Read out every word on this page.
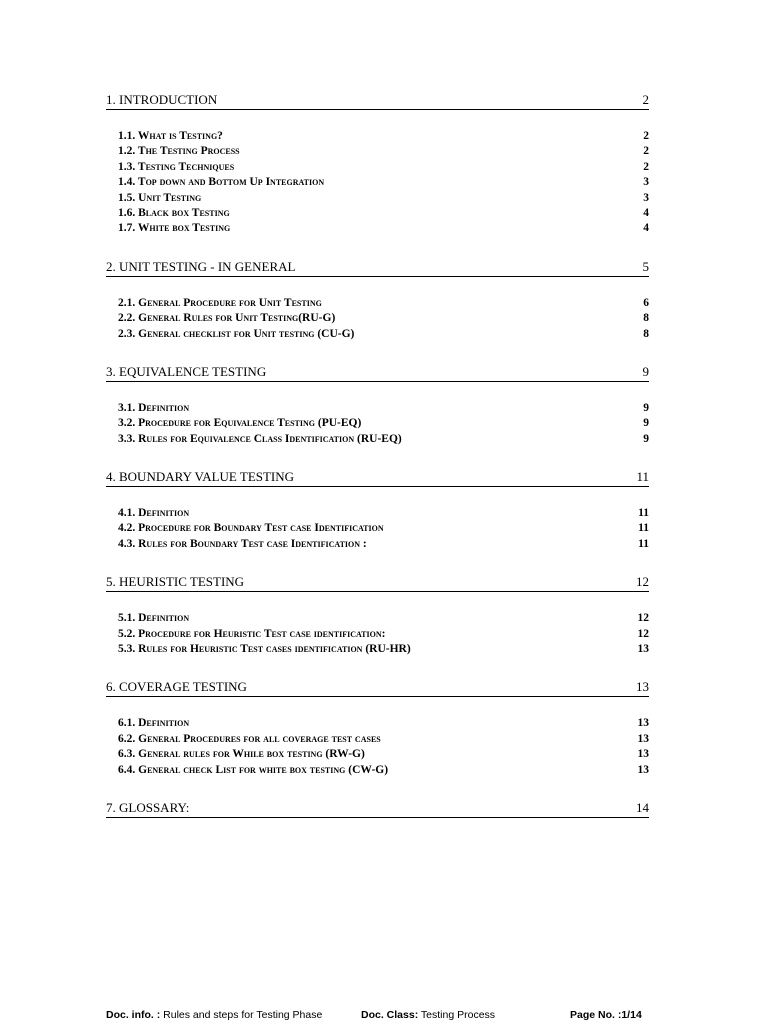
1. INTRODUCTION	2
1.1. What is Testing?	2
1.2. The Testing Process	2
1.3. Testing Techniques	2
1.4. Top down and Bottom Up Integration	3
1.5. Unit Testing	3
1.6. Black box Testing	4
1.7. White box Testing	4
2. UNIT TESTING - IN GENERAL	5
2.1. General Procedure for Unit Testing	6
2.2. General Rules for Unit Testing(RU-G)	8
2.3. General checklist for Unit testing (CU-G)	8
3. EQUIVALENCE TESTING	9
3.1. Definition	9
3.2. Procedure for Equivalence Testing (PU-EQ)	9
3.3. Rules for Equivalence Class Identification (RU-EQ)	9
4. BOUNDARY VALUE TESTING	11
4.1. Definition	11
4.2. Procedure for Boundary Test case Identification	11
4.3. Rules for Boundary Test case Identification :	11
5. HEURISTIC TESTING	12
5.1. Definition	12
5.2. Procedure for Heuristic Test case identification:	12
5.3. Rules for Heuristic Test cases identification (RU-HR)	13
6. COVERAGE TESTING	13
6.1. Definition	13
6.2. General Procedures for all coverage test cases	13
6.3. General rules for While box testing (RW-G)	13
6.4. General check List for white box testing (CW-G)	13
7. GLOSSARY:	14
Doc. info. : Rules and steps for Testing Phase	Doc. Class: Testing Process	Page No. :1/14
